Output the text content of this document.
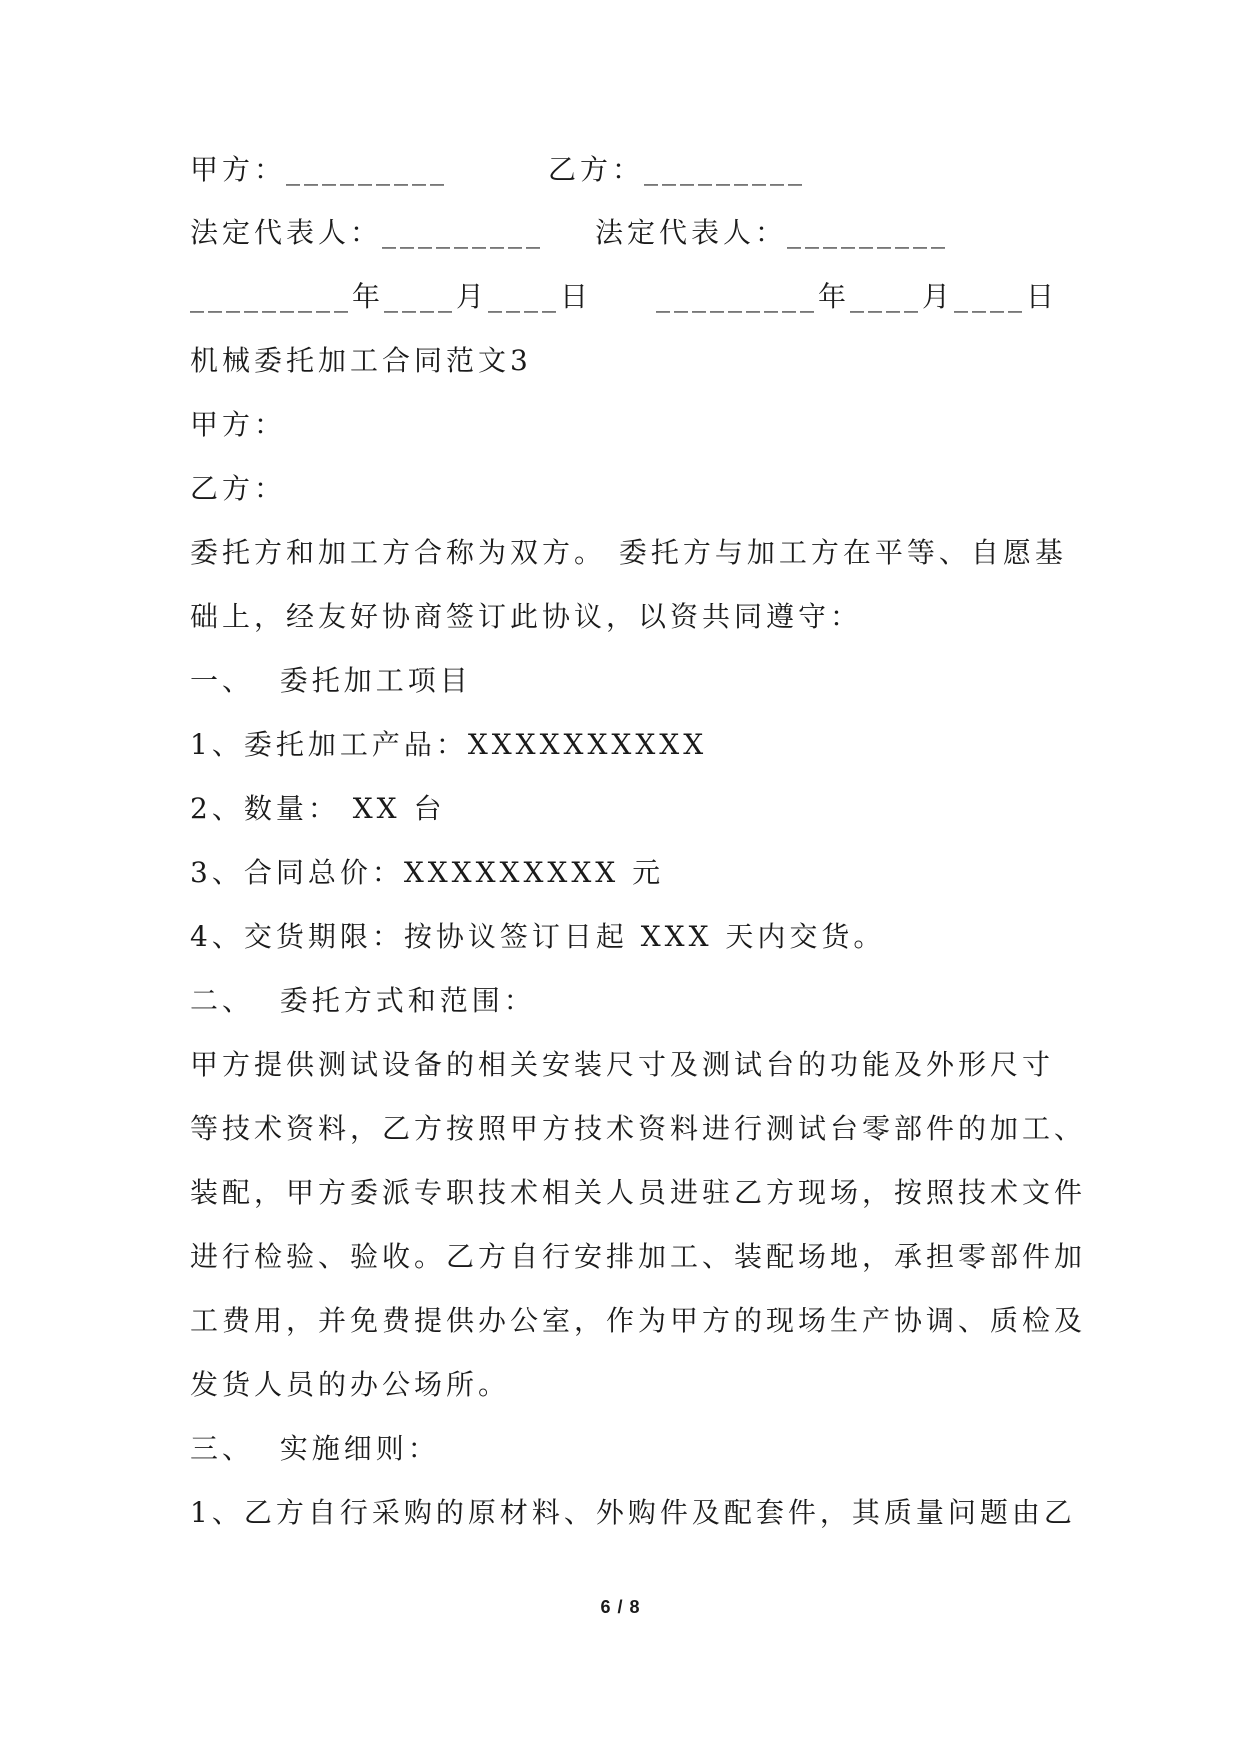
甲方：_________	乙方：_________
法定代表人：_________ 法定代表人：_________
_________年____月____日 _________年____月____日
机械委托加工合同范文3
甲方：
乙方：
委托方和加工方合称为双方。 委托方与加工方在平等、自愿基
础上，经友好协商签订此协议，以资共同遵守：
一、  委托加工项目
1、委托加工产品：XXXXXXXXXX
2、数量： XX 台
3、合同总价：XXXXXXXXX 元
4、交货期限：按协议签订日起 XXX 天内交货。
二、  委托方式和范围：
甲方提供测试设备的相关安装尺寸及测试台的功能及外形尺寸
等技术资料，乙方按照甲方技术资料进行测试台零部件的加工、
装配，甲方委派专职技术相关人员进驻乙方现场，按照技术文件
进行检验、验收。乙方自行安排加工、装配场地，承担零部件加
工费用，并免费提供办公室，作为甲方的现场生产协调、质检及
发货人员的办公场所。
三、  实施细则：
1、乙方自行采购的原材料、外购件及配套件，其质量问题由乙
6 / 8
